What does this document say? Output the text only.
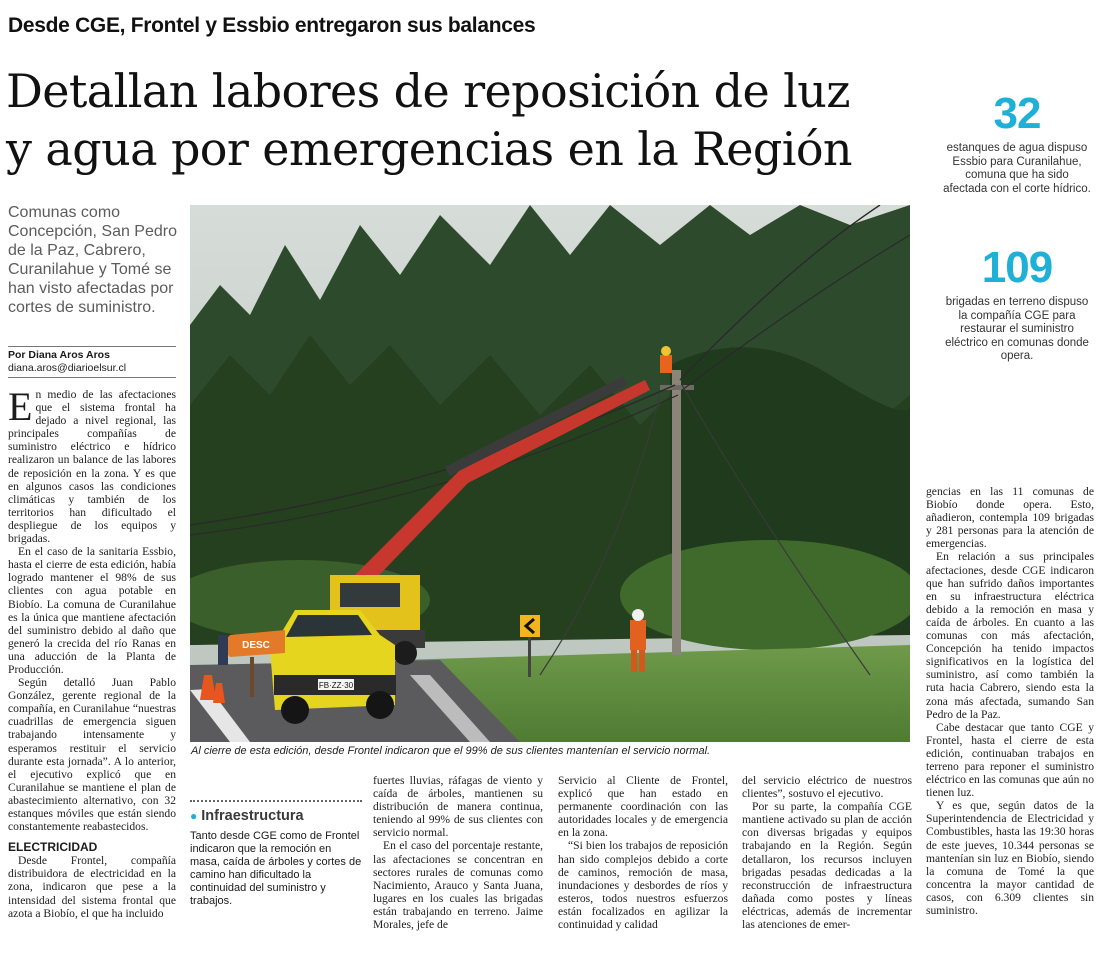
Desde CGE, Frontel y Essbio entregaron sus balances
Detallan labores de reposición de luz
y agua por emergencias en la Región
Comunas como Concepción, San Pedro de la Paz, Cabrero, Curanilahue y Tomé se han visto afectadas por cortes de suministro.
Por Diana Aros Aros
diana.aros@diarioelsur.cl
32
estanques de agua dispuso Essbio para Curanilahue, comuna que ha sido afectada con el corte hídrico.
109
brigadas en terreno dispuso la compañía CGE para restaurar el suministro eléctrico en comunas donde opera.
FB·ZZ·30
DESC
Al cierre de esta edición, desde Frontel indicaron que el 99% de sus clientes mantenían el servicio normal.

En medio de las afectaciones que el sistema frontal ha dejado a nivel regional, las principales compañías de suministro eléctrico e hídrico realizaron un balance de las labores de reposición en la zona. Y es que en algunos casos las condiciones climáticas y también de los territorios han dificultado el despliegue de los equipos y brigadas.

En el caso de la sanitaria Essbio, hasta el cierre de esta edición, había logrado mantener el 98% de sus clientes con agua potable en Biobío. La comuna de Curanilahue es la única que mantiene afectación del suministro debido al daño que generó la crecida del río Ranas en una aducción de la Planta de Producción.

Según detalló Juan Pablo González, gerente regional de la compañía, en Curanilahue “nuestras cuadrillas de emergencia siguen trabajando intensamente y esperamos restituir el servicio durante esta jornada”. A lo anterior, el ejecutivo explicó que en Curanilahue se mantiene el plan de abastecimiento alternativo, con 32 estanques móviles que están siendo constantemente reabastecidos.

ELECTRICIDAD

Desde Frontel, compañía distribuidora de electricidad en la zona, indicaron que pese a la intensidad del sistema frontal que azota a Biobío, el que ha incluido

● Infraestructura
Tanto desde CGE como de Frontel indicaron que la remoción en masa, caída de árboles y cortes de camino han dificultado la continuidad del suministro y trabajos.

fuertes lluvias, ráfagas de viento y caída de árboles, mantienen su distribución de manera continua, teniendo al 99% de sus clientes con servicio normal.

En el caso del porcentaje restante, las afectaciones se concentran en sectores rurales de comunas como Nacimiento, Arauco y Santa Juana, lugares en los cuales las brigadas están trabajando en terreno. Jaime Morales, jefe de

Servicio al Cliente de Frontel, explicó que han estado en permanente coordinación con las autoridades locales y de emergencia en la zona.

“Si bien los trabajos de reposición han sido complejos debido a corte de caminos, remoción de masa, inundaciones y desbordes de ríos y esteros, todos nuestros esfuerzos están focalizados en agilizar la continuidad y calidad

del servicio eléctrico de nuestros clientes”, sostuvo el ejecutivo.

Por su parte, la compañía CGE mantiene activado su plan de acción con diversas brigadas y equipos trabajando en la Región. Según detallaron, los recursos incluyen brigadas pesadas dedicadas a la reconstrucción de infraestructura dañada como postes y líneas eléctricas, además de incrementar las atenciones de emer-

gencias en las 11 comunas de Biobío donde opera. Esto, añadieron, contempla 109 brigadas y 281 personas para la atención de emergencias.

En relación a sus principales afectaciones, desde CGE indicaron que han sufrido daños importantes en su infraestructura eléctrica debido a la remoción en masa y caída de árboles. En cuanto a las comunas con más afectación, Concepción ha tenido impactos significativos en la logística del suministro, así como también la ruta hacia Cabrero, siendo esta la zona más afectada, sumando San Pedro de la Paz.

Cabe destacar que tanto CGE y Frontel, hasta el cierre de esta edición, continuaban trabajos en terreno para reponer el suministro eléctrico en las comunas que aún no tienen luz.

Y es que, según datos de la Superintendencia de Electricidad y Combustibles, hasta las 19:30 horas de este jueves, 10.344 personas se mantenían sin luz en Biobío, siendo la comuna de Tomé la que concentra la mayor cantidad de casos, con 6.309 clientes sin suministro.
